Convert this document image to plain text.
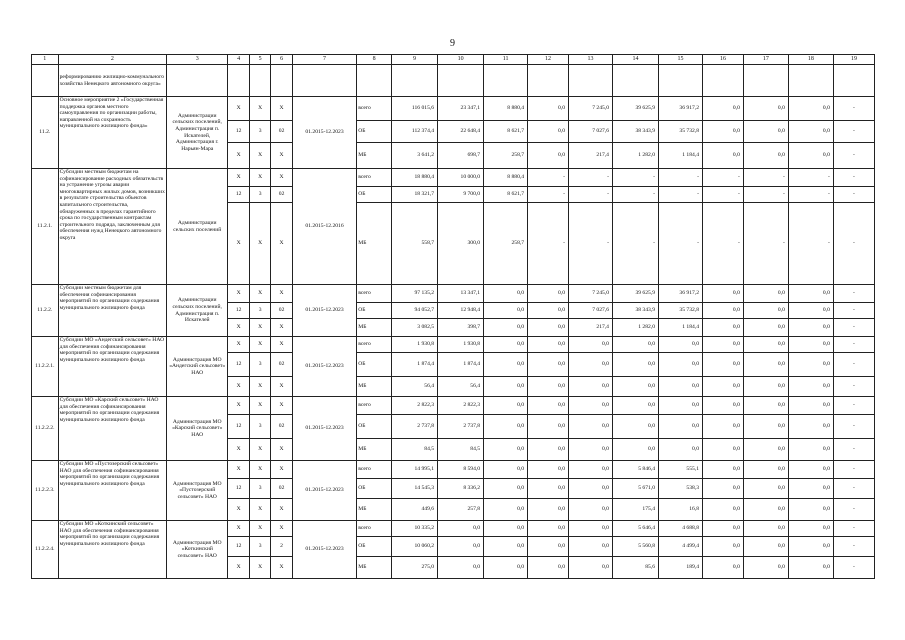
9
1	2	3	4	5	6	7	8	9	10	11	12	13	14	15	16	17	18	19
	реформированию жилищно-коммунального хозяйства Ненецкого автономного округа»																	
11.2.	Основное мероприятие 2 «Государственная поддержка органов местного самоуправления по организации работы, направленной на сохранность муниципального жилищного фонда»	Администрации сельских поселений, Администрация п. Искателей, Администрация г. Нарьян-Мара	X	X	X	01.2015-12.2023	всего	116 015,6	23 347,1	8 880,4	0,0	7 245,0	39 625,9	36 917,2	0,0	0,0	0,0	-
			12	3	02		ОБ	112 374,4	22 648,4	8 621,7	0,0	7 027,6	38 343,9	35 732,8	0,0	0,0	0,0	-
			X	X	X		МБ	3 641,2	698,7	258,7	0,0	217,4	1 282,0	1 184,4	0,0	0,0	0,0	-
11.2.1.	Субсидии местным бюджетам на софинансирование расходных обязательств на устранение угрозы аварии многоквартирных жилых домов, возникших в результате строительства объектов капитального строительства, обнаруженных в пределах гарантийного срока по государственным контрактам строительного подряда, заключенным для обеспечения нужд Ненецкого автономного округа	Администрации сельских поселений	X	X	X	01.2015-12.2016	всего	18 880,4	10 000,0	8 880,4	-	-	-	-	-	-	-	-
			12	3	02		ОБ	18 321,7	9 700,0	8 621,7	-	-	-	-	-	-	-	-
			X	X	X		МБ	558,7	300,0	258,7	-	-	-	-	-	-	-	-
11.2.2.	Субсидии местным бюджетам для обеспечения софинансирования мероприятий по организации содержания муниципального жилищного фонда	Администрации сельских поселений, Администрация п. Искателей	X	X	X	01.2015-12.2023	всего	97 135,2	13 347,1	0,0	0,0	7 245,0	39 625,9	36 917,2	0,0	0,0	0,0	-
			12	3	02		ОБ	94 052,7	12 948,4	0,0	0,0	7 027,6	38 343,9	35 732,8	0,0	0,0	0,0	-
			X	X	X		МБ	3 082,5	398,7	0,0	0,0	217,4	1 282,0	1 184,4	0,0	0,0	0,0	-
11.2.2.1.	Субсидии МО «Андегский сельсовет» НАО для обеспечения софинансирования мероприятий по организации содержания муниципального жилищного фонда	Администрация МО «Андегский сельсовет» НАО	X	X	X	01.2015-12.2023	всего	1 930,8	1 930,8	0,0	0,0	0,0	0,0	0,0	0,0	0,0	0,0	-
			12	3	02		ОБ	1 874,4	1 874,4	0,0	0,0	0,0	0,0	0,0	0,0	0,0	0,0	-
			X	X	X		МБ	56,4	56,4	0,0	0,0	0,0	0,0	0,0	0,0	0,0	0,0	-
11.2.2.2.	Субсидии МО «Карский сельсовет» НАО для обеспечения софинансирования мероприятий по организации содержания муниципального жилищного фонда	Администрация МО «Карский сельсовет» НАО	X	X	X	01.2015-12.2023	всего	2 822,3	2 822,3	0,0	0,0	0,0	0,0	0,0	0,0	0,0	0,0	-
			12	3	02		ОБ	2 737,8	2 737,8	0,0	0,0	0,0	0,0	0,0	0,0	0,0	0,0	-
			X	X	X		МБ	84,5	84,5	0,0	0,0	0,0	0,0	0,0	0,0	0,0	0,0	-
11.2.2.3.	Субсидии МО «Пустозерский сельсовет» НАО для обеспечения софинансирования мероприятий по организации содержания муниципального жилищного фонда	Администрация МО «Пустозерский сельсовет» НАО	X	X	X	01.2015-12.2023	всего	14 995,1	8 594,0	0,0	0,0	0,0	5 846,4	555,1	0,0	0,0	0,0	-
			12	3	02		ОБ	14 545,3	8 336,2	0,0	0,0	0,0	5 671,0	538,3	0,0	0,0	0,0	-
			X	X	X		МБ	449,6	257,8	0,0	0,0	0,0	175,4	16,8	0,0	0,0	0,0	-
11.2.2.4.	Субсидии МО «Коткинский сельсовет» НАО для обеспечения софинансирования мероприятий по организации содержания муниципального жилищного фонда	Администрация МО «Коткинский сельсовет» НАО	X	X	X	01.2015-12.2023	всего	10 335,2	0,0	0,0	0,0	0,0	5 646,4	4 688,8	0,0	0,0	0,0	-
			12	3	2		ОБ	10 060,2	0,0	0,0	0,0	0,0	5 560,8	4 499,4	0,0	0,0	0,0	-
			X	X	X		МБ	275,0	0,0	0,0	0,0	0,0	85,6	189,4	0,0	0,0	0,0	-
